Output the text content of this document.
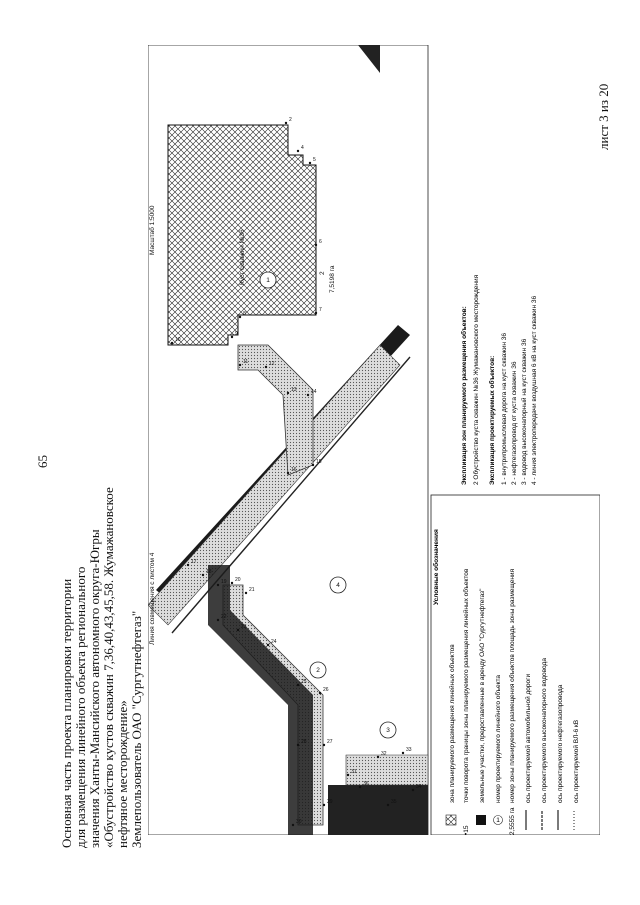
65
Основная часть проекта планировки территории для размещения линейного объекта регионального значения Ханты-Мансийского автономного округа-Югры «Обустройство кустов скважин 7,36,40,43,45,58. Жумажановское нефтяное месторождение» Землепользователь ОАО "Сургутнефтегаз"
лист 3 из 20
1
2
3
4
Масштаб 1:5000
Линия совмещения с листом 4
Куст скважин №36	2 7,5198 га
Условные обозначения
зона планируемого размещения линейных объектов
•15
точки поворота границы зоны планируемого размещения линейных объектов земельные участки, предоставленные в аренду ОАО "Сургутнефтегаз"
1
номер проектируемого линейного объекта
2,5555 га
номер зоны планируемого размещения объектов площадь зоны размещения ось проектируемой автомобильной дороги ось проектируемого высоконапорного водовода ось проектируемого нефтегазопровода ось проектируемой ВЛ-6 кВ
Экспликация зон планируемого размещения объектов: 2 Обустройство куста скважин №36 Жумажановского месторождения Экспликация проектируемых объектов: 1 - внутрипромысловая дорога на куст скважин 36 2 - нефтегазопровод от куста скважин 36 3 - водовод высоконапорный на куст скважин 36 4 - линия электропередачи воздушная 6 кВ на куст скважин 36
2
4
5
6
7
8
9
10
11	12
13	14
15
16
17
18
19 20
21
22
23
24
25
26
27
28
29
30
31
32
33
34
35
36
